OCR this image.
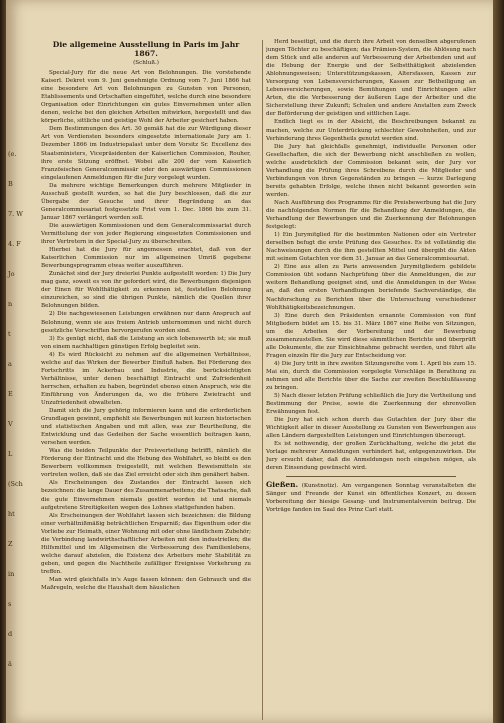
(e.
B
7. W
4. F
Jo
n
t
a
E
V
L
(Sch
ht
Z
in
s
d
ä
Die allgemeine Ausstellung in Paris im Jahr 1867.
(Schluß.)

Special-Jury für die neue Art von Belohnungen. Die vorstehende Kaiserl. Dekret vom 9. Juni genehmigte Ordnung vom 7. Juni 1866 hat eine besondere Art von Belohnungen zu Gunsten von Personen, Etablissements und Ortschaften eingeführt, welche durch eine besondere Organisation oder Einrichtungen ein gutes Einvernehmen unter allen denen, welche bei den gleichen Arbeiten mitwirken, hergestellt und das körperliche, sittliche und geistige Wohl der Arbeiter gesichert haben.

Dem Bestimmungen des Art. 30 gemäß hat die zur Würdigung dieser Art von Verdiensten besonders eingesetzte internationale Jury am 1. Dezember 1866 im Industriepalast unter dem Vorsitz Sr. Excellenz des Staatsministers, Vicepräsidenten der Kaiserlichen Commission, Rouher, ihre erste Sitzung eröffnet. Wobei alle 200 der vom Kaiserlich Französischen Generalcommissär oder den auswärtigen Commissionen eingelaufenen Anmeldungen für die Jury vorgelegt wurden.

Da mehrere wichtige Bemerkungen durch mehrere Mitglieder in Ausschuß gestellt wurden, so hat die Jury beschlossen, daß die zur Übergabe der Gesuche und ihrer Begründung an das Generalcommissariat festgesetzte Frist vom 1. Dec. 1866 bis zum 31. Januar 1867 verlängert werden soll.

Die auswärtigen Kommissionen und dem Generalcommissariat durch Vermittelung der von jeder Regierung eingesetzten Commissionen und ihrer Vertretern in der Special-Jury zu überschreiten.

Hierbei hat die Jury für angemessen erachtet, daß von der Kaiserlichen Commission nur im allgemeinen Umriß gegebene Bewerbungsprogramm etwas weiter auszuführen.

Zunächst sind der Jury dreierlei Punkte aufgestellt worden: 1) Die Jury mag ganz, soweit es von ihr gefordert wird, die Bewerbungen diejenigen der Einen für Wohlthätigkeit zu erkennen ist, feststellen Belohnung einzureichen, so sind die übrigen Punkte, nämlich die Quellen ihrer Belohnungen bilden.

2) Die nachgewiesenen Leistungen erwähnen nur dann Anspruch auf Belohnung, wenn sie aus freiem Antrieb unternommen und nicht durch gesetzliche Vorschriften hervorgerufen worden sind.

3) Es genügt nicht, daß die Leistung an sich lobenswerth ist; sie muß von einem nachhaltigen günstigen Erfolg begleitet sein.

4) Es wird Rücksicht zu nehmen auf die allgemeinen Verhältnisse, welche auf das Wirken der Bewerber Einfluß haben. Bei Förderung des Fortschritts im Ackerbau und Industrie, die berücksichtigten Verhältnisse, unter denen beschäftigt Eintracht und Zufriedenheit herrschen, erhalten zu haben, begründet ebenso einen Anspruch, wie die Einführung von Änderungen da, wo die frühere Zwietracht und Unzufriedenheit obwalteten.

Damit sich die Jury gehörig informieren kann und die erforderlichen Grundlagen gewinnt, empfiehlt sie Bewerbungen mit kurzen historischen und statistischen Angaben und mit allen, was zur Beurtheilung, die Entwicklung und das Gedeihen der Sache wesentlich beitragen kann, versehen werden.

Was die beiden Teilpunkte der Preisverteilung betrifft, nämlich die Förderung der Eintracht und die Hebung des Wohlfahrt, so bleibt es den Bewerbern vollkommen freigestellt, mit welchen Beweismitteln sie vortreten wollen, daß sie das Ziel erreicht oder sich ihm genähert haben.

Als Erscheinungen des Zustandes der Eintracht lassen sich bezeichnen: die lange Dauer des Zusammenarbeitens; die Thatsache, daß die gute Einvernehmen niemals gestört worden ist und niemals aufgetretene Streitigkeiten wegen des Lohnes stattgefunden haben.

Als Erscheinungen der Wohlfahrt lassen sich bezeichnen: die Bildung einer verhältnißmäßig beträchtlichen Ersparniß; das Eigenthum oder die Vorliebe zur Heimath, einer Wohnung mit oder ohne ländlichem Zubehör; die Verbindung landwirthschaftlicher Arbeiten mit den industriellen; die Hilfsmittel und im Allgemeinen die Verbesserung des Familienlebens, welche darauf abzielen, die Existenz des Arbeiters mehr Stabilität zu geben, und gegen die Nachtheile zufälliger Ereignisse Vorkehrung zu treffen.

Man wird gleichfalls in's Auge fassen können: den Gebrauch und die Maßregeln, welche die Haushalt dem häuslichen

Herd beseitigt, und die durch ihre Arbeit von denselben abgerufenen jungen Töchter zu beschäftigen; das Prämien-System, die Ablösung nach dem Stück und alle anderen auf Verbesserung der Arbeitenden und auf die Hebung der Energie und der Selbstthätigkeit abzielenden Ablohnungsweisen; Unterstützungskassen, Altersfassen, Kassen zur Versorgung von Lebensversicherungen, Kassen zur Betheiligung an Lebensversicherungen, sowie Bemühungen und Einrichtungen aller Arten, die die Verbesserung der äußeren Lage der Arbeiter und die Sicherstellung ihrer Zukunft; Schulen und andere Anstalten zum Zweck der Beförderung der geistigen und sittlichen Lage.

Endlich liegt es in der Absicht, die Beschreibungen bekannt zu machen, welche zur Unterdrückung schlechter Gewohnheiten, und zur Verhinderung ihres Gegentheils genutzt werden sind.

Die Jury hat gleichfalls genehmigt, individuelle Personen oder Gesellschaften, die sich der Bewerbung nicht anschließen zu wollen, welche ausdrücklich der Commission bekannt sein, der Jury vor Verhandlung die Prüfung ihres Schreibens durch die Mitglieder und Verbindungen von ihren Gegenständen zu bringen — kurze Darlegung bereits gehabten Erfolge, welche ihnen nicht bekannt geworden sein werden.

Nach Ausführung des Programms für die Preisbewerbung hat die Jury die nachfolgenden Normen für die Behandlung der Anmeldungen, die Verhandlung der Bewerbungen und die Zuerkennung der Belohnungen festgelegt:

1) Ein Jurymitglied für die bestimmten Nationen oder ein Vertreter derselben befugt die erste Prüfung des Gesuches. Es ist vollständig die Nachweisungen durch die ihm gestellten Mittel und übergibt die Akten mit seinem Gutachten vor dem 31. Januar an das Generalcommissariat.

2) Eine aus allen zu Paris anwesenden Jurymitgliedern gebildete Commission übt sodann Nachprüfung über die Anmeldungen, die zur weitern Behandlung geeignet sind, und die Anmeldungen in der Weise an, daß den ersten Verhandlungen beriefende Sachverständige, die Nachforschung zu Berichten über die Untersuchung verschiedener Wohlthätigkeitsbezeichnungen.

3) Eine durch den Präsidenten ernannte Commission von fünf Mitgliedern bildet am 15. bis 31. März 1867 eine Reihe von Sitzungen, um die Arbeiten der Vorbereitung und der Bewerbung zusammenzustellen. Sie wird diese sämmtlichen Berichte und überprüft alle Dokumente, die zur Einsichtnahme gebracht werden, und führt alle Fragen einzeln für die Jury zur Entscheidung vor.

4) Die Jury tritt in ihre zweiten Sitzungsreihe vom 1. April bis zum 15. Mai ein, durch die Commission vorgelegte Vorschläge in Berathung zu nehmen und alle Berichte über die Sache zur zweiten Beschlußfassung zu bringen.

5) Nach dieser letzten Prüfung schließlich die Jury die Vertheilung und Bestimmung der Preise, sowie die Zuerkennung der ehrenvollen Erwähnungen fest.

Die Jury hat sich schon durch das Gutachten der Jury über die Wichtigkeit aller in dieser Ausstellung zu Gunsten von Bewerbungen aus allen Ländern dargestellten Leistungen und Einrichtungen überzeugt.

Es ist nothwendig, der großen Zurückhaltung, welche die jetzt die Vorlage mehrerer Anmeldungen verhindert hat, entgegenzuwirken. Die Jury ersucht daher, daß die Anmeldungen noch eingehen mögen, als deren Einsendung gewünscht wird.

Gießen. (Kunstnotiz). Am vergangenen Sonntag veranstalteten die Sänger und Freunde der Kunst ein öffentliches Konzert, zu dessen Vorbereitung der hiesige Gesang- und Instrumentalverein beitrug. Die Vorträge fanden im Saal des Prinz Carl statt.
